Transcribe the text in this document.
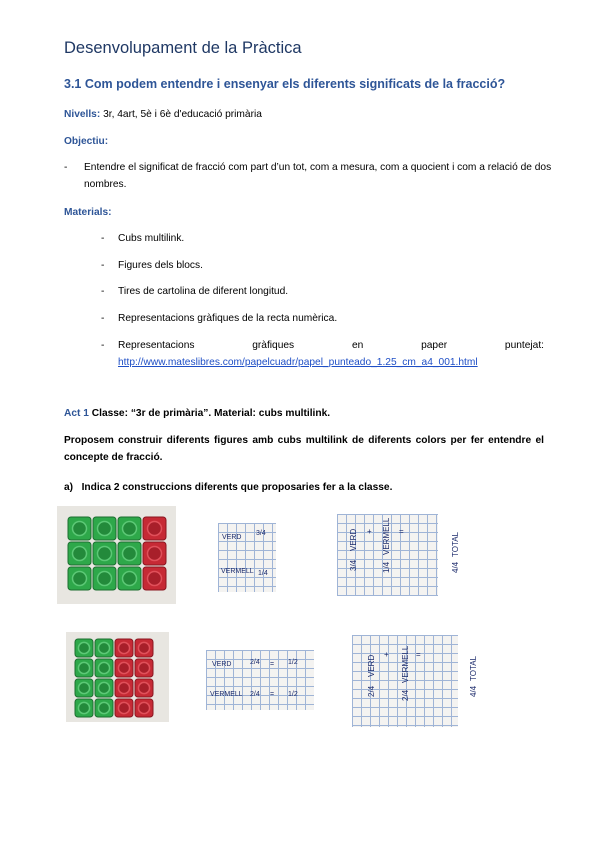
Desenvolupament de la Pràctica
3.1 Com podem entendre i ensenyar els diferents significats de la fracció?
Nivells: 3r, 4art, 5è i 6è d'educació primària
Objectiu:
- Entendre el significat de fracció com part d’un tot, com a mesura, com a quocient i com a relació de dos nombres.
Materials:
- Cubs multilink.
- Figures dels blocs.
- Tires de cartolina de diferent longitud.
- Representacions gràfiques de la recta numèrica.
- Representacions gràfiques en paper puntejat:
http://www.mateslibres.com/papelcuadr/papel_punteado_1.25_cm_a4_001.html
Act 1 Classe: “3r de primària”. Material: cubs multilink.
Proposem construir diferents figures amb cubs multilink de diferents colors per fer entendre el concepte de fracció.
a) Indica 2 construccions diferents que proposaries fer a la classe.
VERD
3/4
VERMELL 1/4
3/4
VERD +
1/4
VERMELL =
4/4
TOTAL
VERD	2/4 = 1/2
VERMELL 2/4 = 1/2	2/4
VERD
+
2/4
VERMELL =
4/4
TOTAL
